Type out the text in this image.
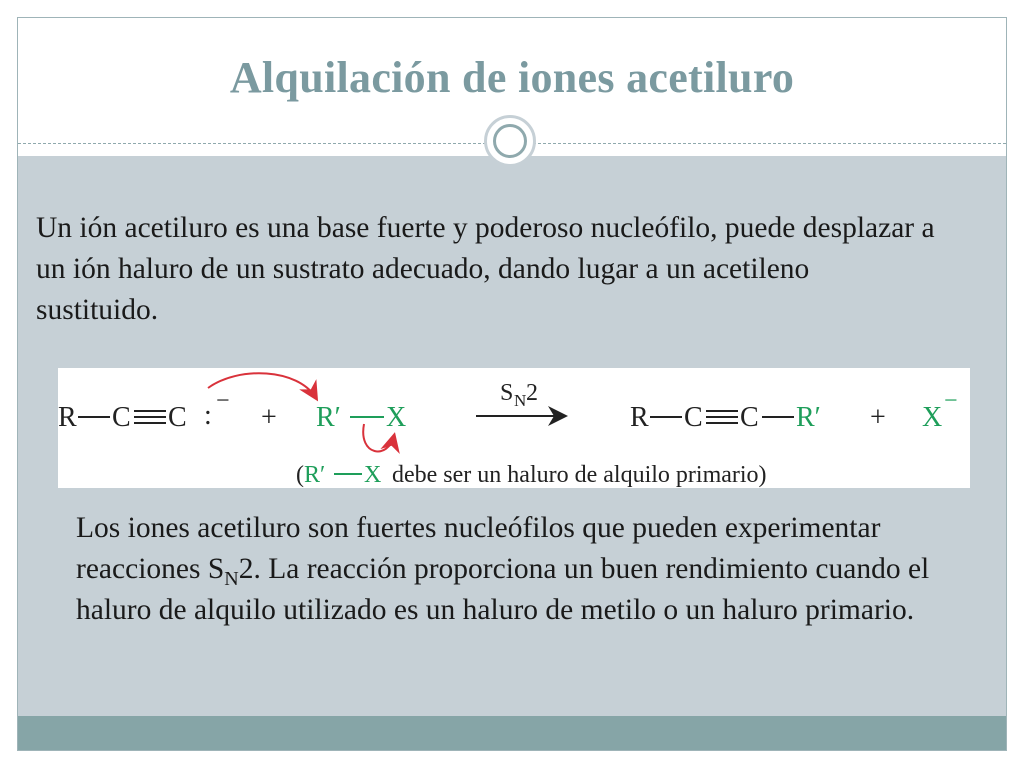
Alquilación de iones acetiluro

Un ión acetiluro es una base fuerte y poderoso nucleófilo, puede desplazar a un ión haluro de un sustrato adecuado, dando lugar a un acetileno sustituido.

R C C : −
+ R′ X
S N 2
R C C R′ + X
−
( R′ X debe ser un haluro de alquilo primario)

Los iones acetiluro son fuertes nucleófilos que pueden experimentar reacciones $S_N2$. La reacción proporciona un buen rendimiento cuando el haluro de alquilo utilizado es un haluro de metilo o un haluro primario.
